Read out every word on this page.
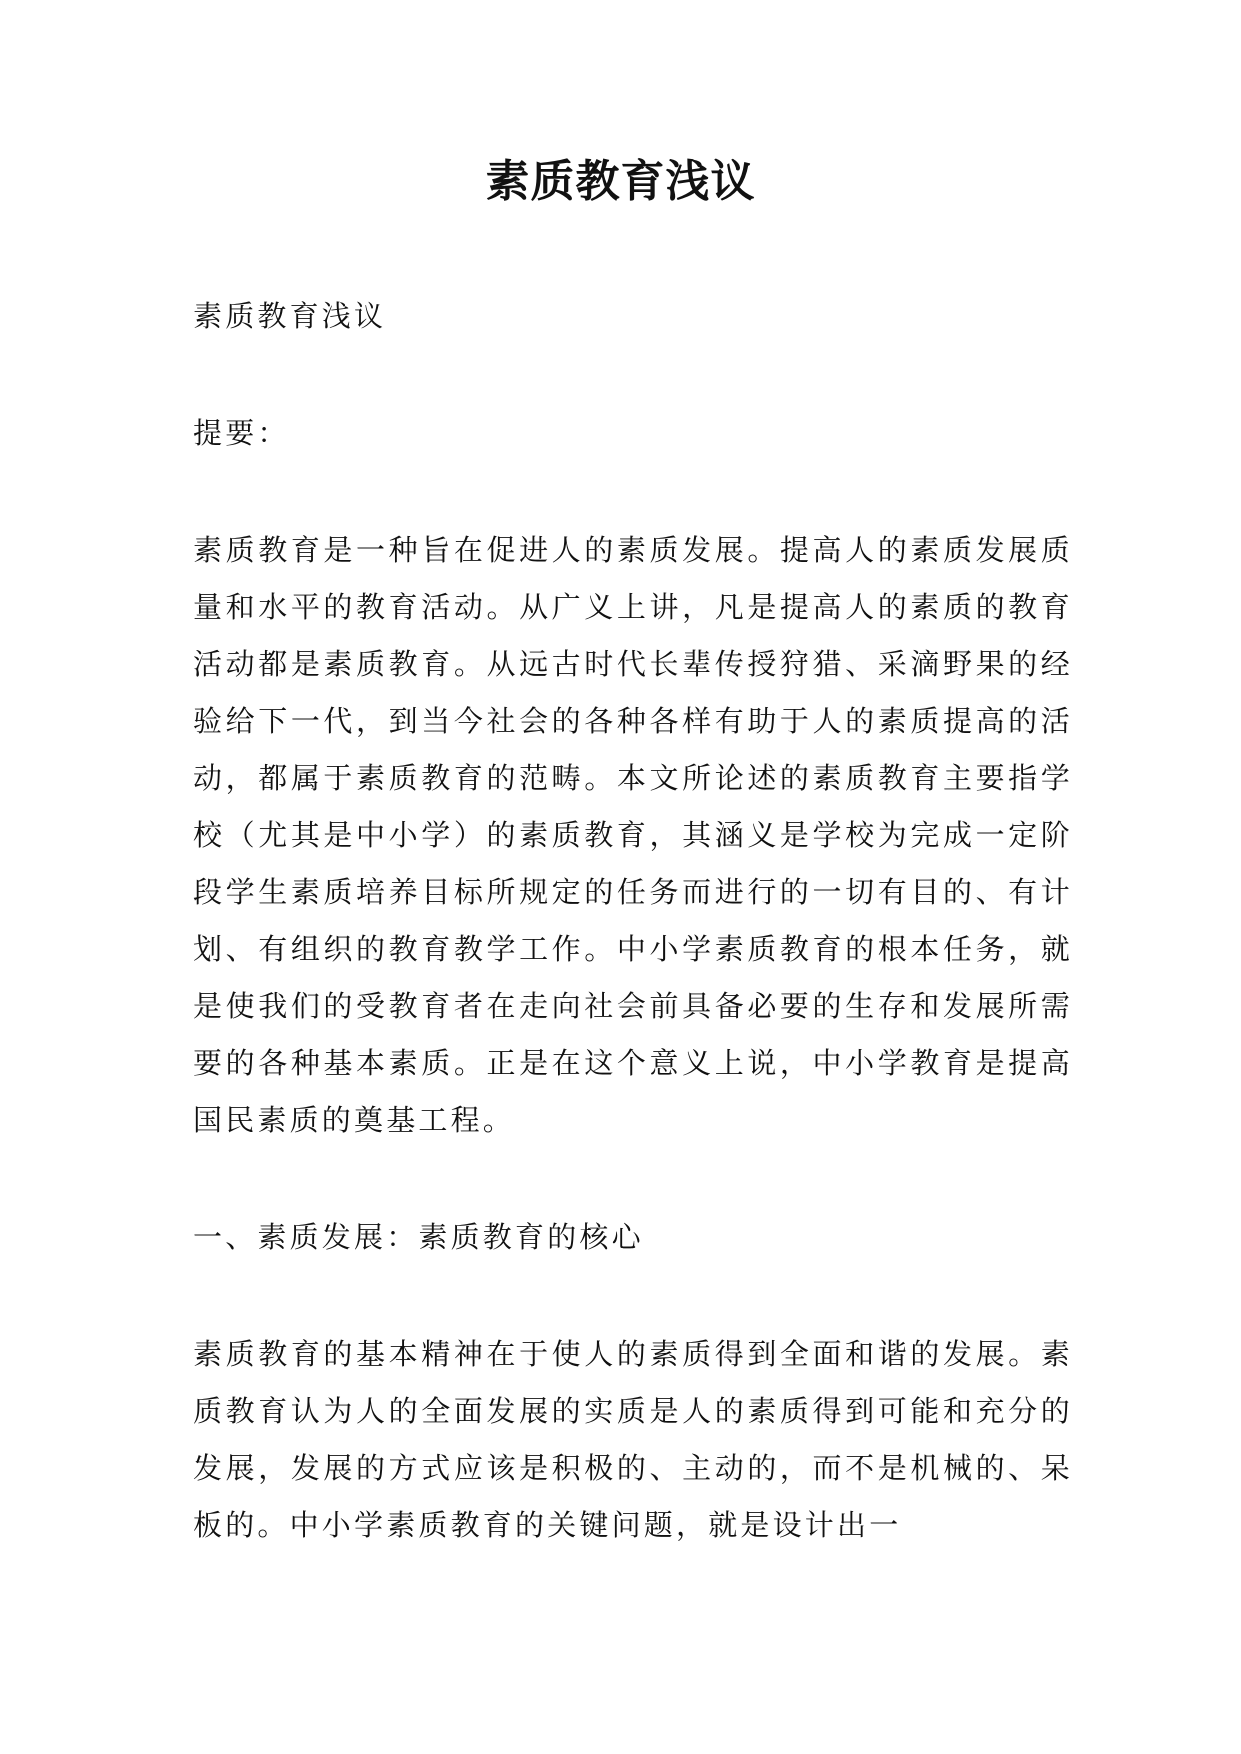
素质教育浅议

素质教育浅议

提要：

素质教育是一种旨在促进人的素质发展。提高人的素质发展质量和水平的教育活动。从广义上讲，凡是提高人的素质的教育活动都是素质教育。从远古时代长辈传授狩猎、采滴野果的经验给下一代，到当今社会的各种各样有助于人的素质提高的活动，都属于素质教育的范畴。本文所论述的素质教育主要指学校（尤其是中小学）的素质教育，其涵义是学校为完成一定阶段学生素质培养目标所规定的任务而进行的一切有目的、有计划、有组织的教育教学工作。中小学素质教育的根本任务，就是使我们的受教育者在走向社会前具备必要的生存和发展所需要的各种基本素质。正是在这个意义上说，中小学教育是提高国民素质的奠基工程。

一、素质发展：素质教育的核心

素质教育的基本精神在于使人的素质得到全面和谐的发展。素质教育认为人的全面发展的实质是人的素质得到可能和充分的发展，发展的方式应该是积极的、主动的，而不是机械的、呆板的。中小学素质教育的关键问题，就是设计出一
